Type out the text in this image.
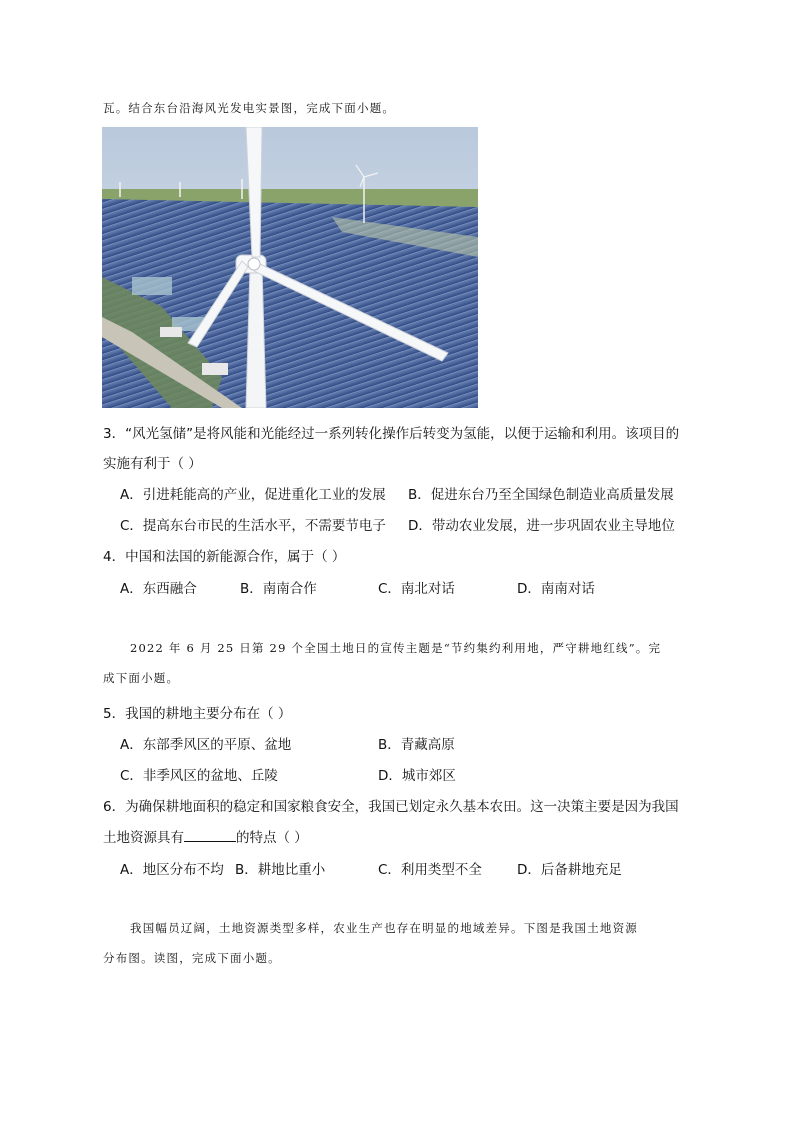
瓦。结合东台沿海风光发电实景图，完成下面小题。
3．“风光氢储”是将风能和光能经过一系列转化操作后转变为氢能，以便于运输和利用。该项目的
实施有利于（ ）
A．引进耗能高的产业，促进重化工业的发展 B．促进东台乃至全国绿色制造业高质量发展
C．提高东台市民的生活水平，不需要节电子 D．带动农业发展，进一步巩固农业主导地位
4．中国和法国的新能源合作，属于（ ）
A．东西融合	B．南南合作	C．南北对话	D．南南对话
2022 年 6 月 25 日第 29 个全国土地日的宣传主题是“节约集约利用地，严守耕地红线”。完
成下面小题。
5．我国的耕地主要分布在（ ）
A．东部季风区的平原、盆地	B．青藏高原
C．非季风区的盆地、丘陵	D．城市郊区
6．为确保耕地面积的稳定和国家粮食安全，我国已划定永久基本农田。这一决策主要是因为我国
土地资源具有	的特点（ ）
A．地区分布不均 B．耕地比重小	C．利用类型不全	D．后备耕地充足
我国幅员辽阔，土地资源类型多样，农业生产也存在明显的地域差异。下图是我国土地资源
分布图。读图，完成下面小题。
